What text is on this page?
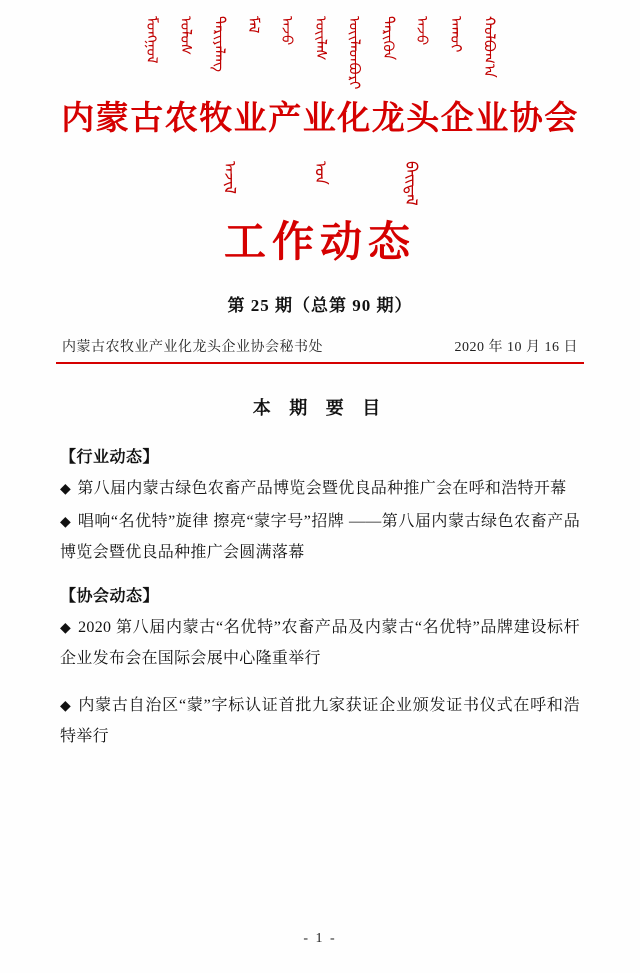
ᠮᠣᠩᠭᠣᠯ ᠤᠯᠤᠰ ᠲᠠᠷᠢᠶᠠᠯᠠᠩ ᠮᠠᠯ ᠠᠵᠤ ᠦᠢᠯᠡᠰ ᠦᠢᠯᠡᠳᠪᠦᠷᠢ ᠲᠡᠷᠢᠭᠦᠨ ᠠᠵᠤ ᠠᠬᠤᠢ ᠬᠣᠯᠪᠣᠭ᠎ᠠ
内蒙古农牧业产业化龙头企业协会
ᠠᠵᠢᠯ	ᠤᠨ	ᠪᠠᠢᠳᠠᠯ
工作动态
第 25 期（总第 90 期）
内蒙古农牧业产业化龙头企业协会秘书处	2020 年 10 月 16 日
本 期 要 目
【行业动态】
◆ 第八届内蒙古绿色农畜产品博览会暨优良品种推广会在呼和浩特开幕
◆ 唱响“名优特”旋律 擦亮“蒙字号”招牌 ——第八届内蒙古绿色农畜产品博览会暨优良品种推广会圆满落幕
【协会动态】
◆ 2020 第八届内蒙古“名优特”农畜产品及内蒙古“名优特”品牌建设标杆企业发布会在国际会展中心隆重举行
◆ 内蒙古自治区“蒙”字标认证首批九家获证企业颁发证书仪式在呼和浩特举行
- 1 -
